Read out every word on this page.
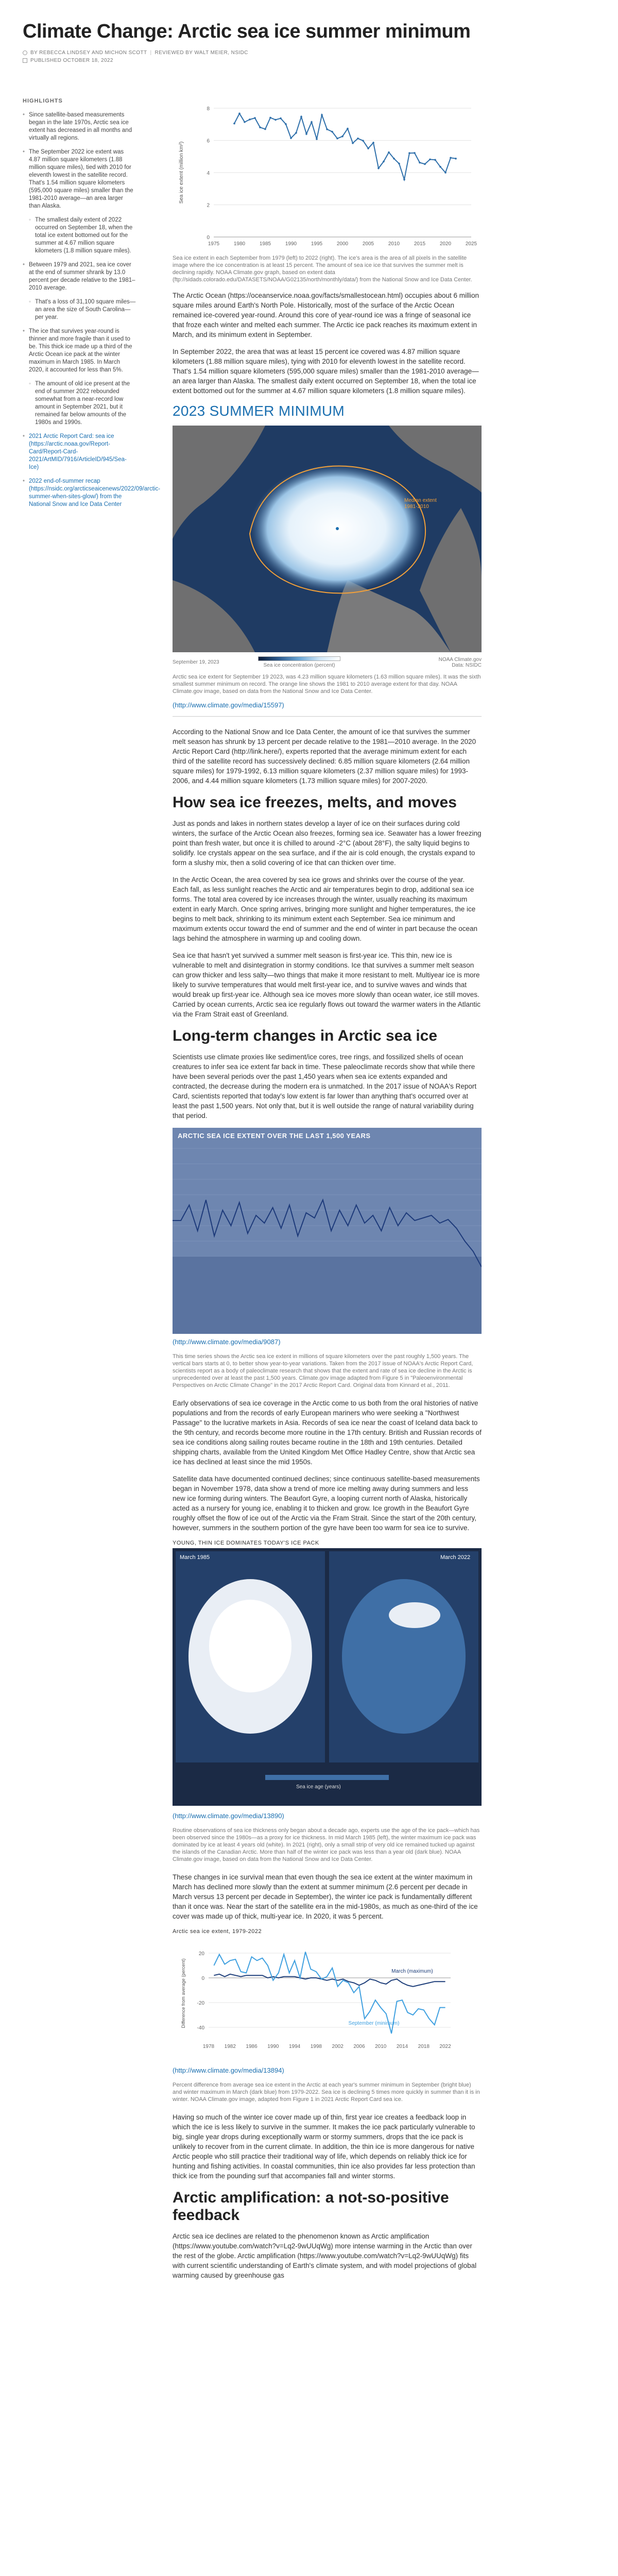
Climate Change: Arctic sea ice summer minimum
BY REBECCA LINDSEY AND MICHON SCOTT | REVIEWED BY WALT MEIER, NSIDC
PUBLISHED OCTOBER 18, 2022
HIGHLIGHTS
• Since satellite-based measurements began in the late 1970s, Arctic sea ice extent has decreased in all months and virtually all regions.
• The September 2022 ice extent was 4.87 million square kilometers (1.88 million square miles), tied with 2010 for eleventh lowest in the satellite record. That's 1.54 million square kilometers (595,000 square miles) smaller than the 1981-2010 average—an area larger than Alaska.
◦ The smallest daily extent of 2022 occurred on September 18, when the total ice extent bottomed out for the summer at 4.67 million square kilometers (1.8 million square miles).
• Between 1979 and 2021, sea ice cover at the end of summer shrank by 13.0 percent per decade relative to the 1981–2010 average.
◦ That's a loss of 31,100 square miles—an area the size of South Carolina—per year.
• The ice that survives year-round is thinner and more fragile than it used to be. This thick ice made up a third of the Arctic Ocean ice pack at the winter maximum in March 1985. In March 2020, it accounted for less than 5%.
◦ The amount of old ice present at the end of summer 2022 rebounded somewhat from a near-record low amount in September 2021, but it remained far below amounts of the 1980s and 1990s.
• 2021 Arctic Report Card: sea ice (https://arctic.noaa.gov/Report-Card/Report-Card-2021/ArtMID/7916/ArticleID/945/Sea-Ice)
• 2022 end-of-summer recap (https://nsidc.org/arcticseaicenews/2022/09/arctic-summer-when-sites-glow/) from the National Snow and Ice Data Center
0
2
4
6
8
1975	1980	1985	1990	1995	2000	2005	2010	2015	2020	2025
Sea ice extent (million km²)

Sea ice extent in each September from 1979 (left) to 2022 (right). The ice's area is the area of all pixels in the satellite image where the ice concentration is at least 15 percent. The amount of sea ice ice that survives the summer melt is declining rapidly. NOAA Climate.gov graph, based on extent data (ftp://sidads.colorado.edu/DATASETS/NOAA/G02135/north/monthly/data/) from the National Snow and Ice Data Center.

The Arctic Ocean (https://oceanservice.noaa.gov/facts/smallestocean.html) occupies about 6 million square miles around Earth's North Pole. Historically, most of the surface of the Arctic Ocean remained ice-covered year-round. Around this core of year-round ice was a fringe of seasonal ice that froze each winter and melted each summer. The Arctic ice pack reaches its maximum extent in March, and its minimum extent in September.

In September 2022, the area that was at least 15 percent ice covered was 4.87 million square kilometers (1.88 million square miles), tying with 2010 for eleventh lowest in the satellite record. That's 1.54 million square kilometers (595,000 square miles) smaller than the 1981-2010 average—an area larger than Alaska. The smallest daily extent occurred on September 18, when the total ice extent bottomed out for the summer at 4.67 million square kilometers (1.8 million square miles).

2023 SUMMER MINIMUM
Median extent 1981-2010
September 19, 2023
Sea ice concentration (percent)
NOAA Climate.gov
Data: NSIDC

Arctic sea ice extent for September 19 2023, was 4.23 million square kilometers (1.63 million square miles). It was the sixth smallest summer minimum on record. The orange line shows the 1981 to 2010 average extent for that day. NOAA Climate.gov image, based on data from the National Snow and Ice Data Center.

(http://www.climate.gov/media/15597)

According to the National Snow and Ice Data Center, the amount of ice that survives the summer melt season has shrunk by 13 percent per decade relative to the 1981—2010 average. In the 2020 Arctic Report Card (http://link.here/), experts reported that the average minimum extent for each third of the satellite record has successively declined: 6.85 million square kilometers (2.64 million square miles) for 1979-1992, 6.13 million square kilometers (2.37 million square miles) for 1993-2006, and 4.44 million square kilometers (1.73 million square miles) for 2007-2020.

How sea ice freezes, melts, and moves

Just as ponds and lakes in northern states develop a layer of ice on their surfaces during cold winters, the surface of the Arctic Ocean also freezes, forming sea ice. Seawater has a lower freezing point than fresh water, but once it is chilled to around -2°C (about 28°F), the salty liquid begins to solidify. Ice crystals appear on the sea surface, and if the air is cold enough, the crystals expand to form a slushy mix, then a solid covering of ice that can thicken over time.

In the Arctic Ocean, the area covered by sea ice grows and shrinks over the course of the year. Each fall, as less sunlight reaches the Arctic and air temperatures begin to drop, additional sea ice forms. The total area covered by ice increases through the winter, usually reaching its maximum extent in early March. Once spring arrives, bringing more sunlight and higher temperatures, the ice begins to melt back, shrinking to its minimum extent each September. Sea ice minimum and maximum extents occur toward the end of summer and the end of winter in part because the ocean lags behind the atmosphere in warming up and cooling down.

Sea ice that hasn't yet survived a summer melt season is first-year ice. This thin, new ice is vulnerable to melt and disintegration in stormy conditions. Ice that survives a summer melt season can grow thicker and less salty—two things that make it more resistant to melt. Multiyear ice is more likely to survive temperatures that would melt first-year ice, and to survive waves and winds that would break up first-year ice. Although sea ice moves more slowly than ocean water, ice still moves. Carried by ocean currents, Arctic sea ice regularly flows out toward the warmer waters in the Atlantic via the Fram Strait east of Greenland.

Long-term changes in Arctic sea ice

Scientists use climate proxies like sediment/ice cores, tree rings, and fossilized shells of ocean creatures to infer sea ice extent far back in time. These paleoclimate records show that while there have been several periods over the past 1,450 years when sea ice extents expanded and contracted, the decrease during the modern era is unmatched. In the 2017 issue of NOAA's Report Card, scientists reported that today's low extent is far lower than anything that's occurred over at least the past 1,500 years. Not only that, but it is well outside the range of natural variability during that period.

ARCTIC SEA ICE EXTENT OVER THE LAST 1,500 YEARS
(http://www.climate.gov/media/9087)

This time series shows the Arctic sea ice extent in millions of square kilometers over the past roughly 1,500 years. The vertical bars starts at 0, to better show year-to-year variations. Taken from the 2017 issue of NOAA's Arctic Report Card, scientists report as a body of paleoclimate research that shows that the extent and rate of sea ice decline in the Arctic is unprecedented over at least the past 1,500 years. Climate.gov image adapted from Figure 5 in "Paleoenvironmental Perspectives on Arctic Climate Change" in the 2017 Arctic Report Card. Original data from Kinnard et al., 2011.

Early observations of sea ice coverage in the Arctic come to us both from the oral histories of native populations and from the records of early European mariners who were seeking a "Northwest Passage" to the lucrative markets in Asia. Records of sea ice near the coast of Iceland data back to the 9th century, and records become more routine in the 17th century. British and Russian records of sea ice conditions along sailing routes became routine in the 18th and 19th centuries. Detailed shipping charts, available from the United Kingdom Met Office Hadley Centre, show that Arctic sea ice has declined at least since the mid 1950s.

Satellite data have documented continued declines; since continuous satellite-based measurements began in November 1978, data show a trend of more ice melting away during summers and less new ice forming during winters. The Beaufort Gyre, a looping current north of Alaska, historically acted as a nursery for young ice, enabling it to thicken and grow. Ice growth in the Beaufort Gyre roughly offset the flow of ice out of the Arctic via the Fram Strait. Since the start of the 20th century, however, summers in the southern portion of the gyre have been too warm for sea ice to survive.

YOUNG, THIN ICE DOMINATES TODAY'S ICE PACK
March 1985	March 2022
Sea ice age (years)
(http://www.climate.gov/media/13890)

Routine observations of sea ice thickness only began about a decade ago, experts use the age of the ice pack—which has been observed since the 1980s—as a proxy for ice thickness. In mid March 1985 (left), the winter maximum ice pack was dominated by ice at least 4 years old (white). In 2021 (right), only a small strip of very old ice remained tucked up against the islands of the Canadian Arctic. More than half of the winter ice pack was less than a year old (dark blue). NOAA Climate.gov image, based on data from the National Snow and Ice Data Center.

These changes in ice survival mean that even though the sea ice extent at the winter maximum in March has declined more slowly than the extent at summer minimum (2.6 percent per decade in March versus 13 percent per decade in September), the winter ice pack is fundamentally different than it once was. Near the start of the satellite era in the mid-1980s, as much as one-third of the ice cover was made up of thick, multi-year ice. In 2020, it was 5 percent.

Arctic sea ice extent, 1979-2022
20
0
-20
-40
1978 1982 1986 1990 1994 1998 2002 2006 2010 2014 2018 2022
Difference from average (percent)	March (maximum)
September (minimum)
(http://www.climate.gov/media/13894)

Percent difference from average sea ice extent in the Arctic at each year's summer minimum in September (bright blue) and winter maximum in March (dark blue) from 1979-2022. Sea ice is declining 5 times more quickly in summer than it is in winter. NOAA Climate.gov image, adapted from Figure 1 in 2021 Arctic Report Card sea ice.

Having so much of the winter ice cover made up of thin, first year ice creates a feedback loop in which the ice is less likely to survive in the summer. It makes the ice pack particularly vulnerable to big, single year drops during exceptionally warm or stormy summers, drops that the ice pack is unlikely to recover from in the current climate. In addition, the thin ice is more dangerous for native Arctic people who still practice their traditional way of life, which depends on reliably thick ice for hunting and fishing activities. In coastal communities, thin ice also provides far less protection than thick ice from the pounding surf that accompanies fall and winter storms.

Arctic amplification: a not-so-positive feedback

Arctic sea ice declines are related to the phenomenon known as Arctic amplification (https://www.youtube.com/watch?v=Lq2-9wUUqWg) more intense warming in the Arctic than over the rest of the globe. Arctic amplification (https://www.youtube.com/watch?v=Lq2-9wUUqWg) fits with current scientific understanding of Earth's climate system, and with model projections of global warming caused by greenhouse gas
